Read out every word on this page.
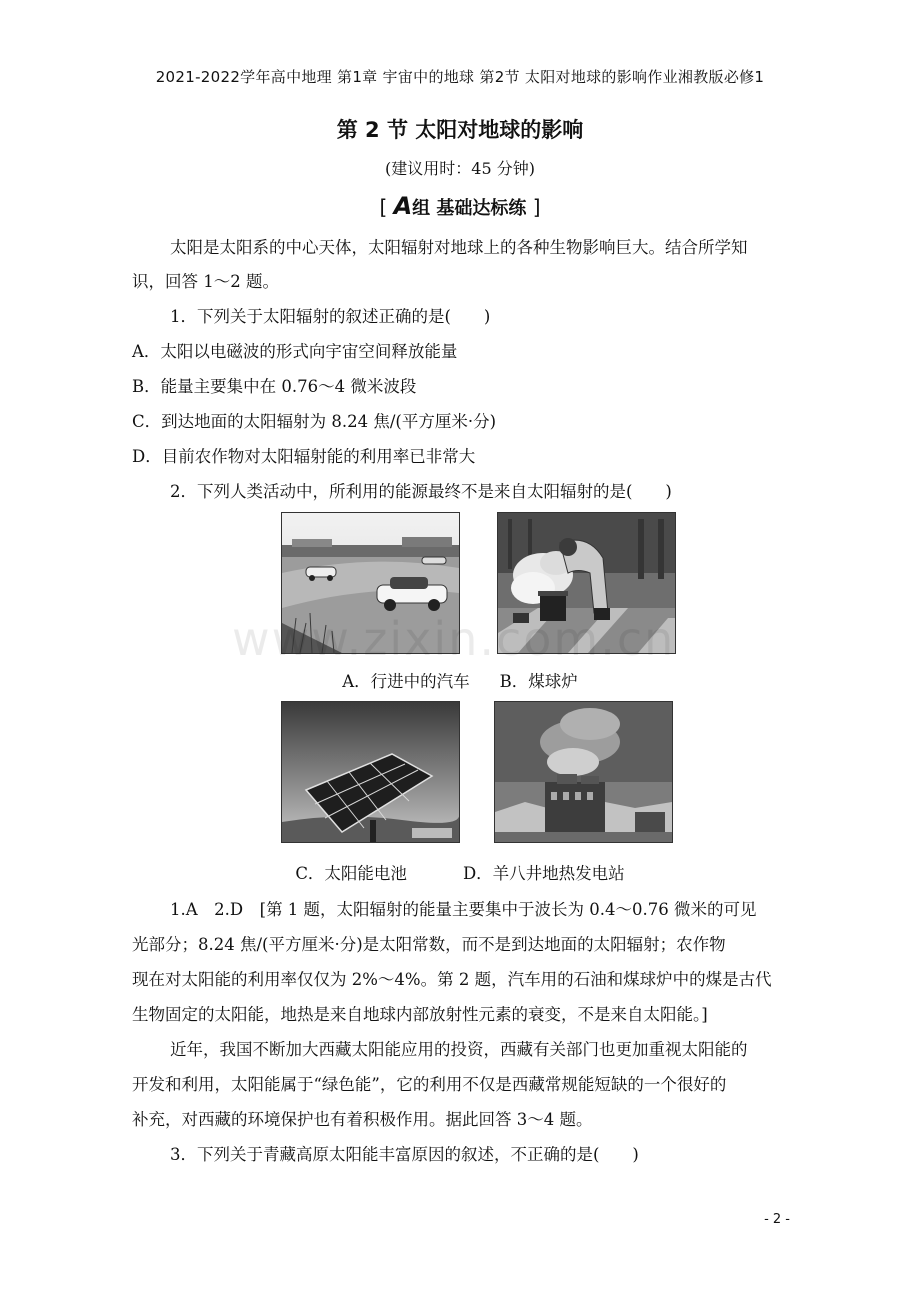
2021-2022学年高中地理 第1章 宇宙中的地球 第2节 太阳对地球的影响作业湘教版必修1
第 2 节 太阳对地球的影响
(建议用时：45 分钟)
[ A组 基础达标练 ]
太阳是太阳系的中心天体，太阳辐射对地球上的各种生物影响巨大。结合所学知
识，回答 1～2 题。
1．下列关于太阳辐射的叙述正确的是(　　)
A．太阳以电磁波的形式向宇宙空间释放能量
B．能量主要集中在 0.76～4 微米波段
C．到达地面的太阳辐射为 8.24 焦/(平方厘米·分)
D．目前农作物对太阳辐射能的利用率已非常大
2．下列人类活动中，所利用的能源最终不是来自太阳辐射的是(　　)
A．行进中的汽车 B．煤球炉
C．太阳能电池	D．羊八井地热发电站
1.A　2.D　[第 1 题，太阳辐射的能量主要集中于波长为 0.4～0.76 微米的可见
光部分；8.24 焦/(平方厘米·分)是太阳常数，而不是到达地面的太阳辐射；农作物
现在对太阳能的利用率仅仅为 2%～4%。第 2 题，汽车用的石油和煤球炉中的煤是古代
生物固定的太阳能，地热是来自地球内部放射性元素的衰变，不是来自太阳能。]
近年，我国不断加大西藏太阳能应用的投资，西藏有关部门也更加重视太阳能的
开发和利用，太阳能属于“绿色能”，它的利用不仅是西藏常规能短缺的一个很好的
补充，对西藏的环境保护也有着积极作用。据此回答 3～4 题。
3．下列关于青藏高原太阳能丰富原因的叙述，不正确的是(　　)
www.zixin.com.cn
- 2 -
